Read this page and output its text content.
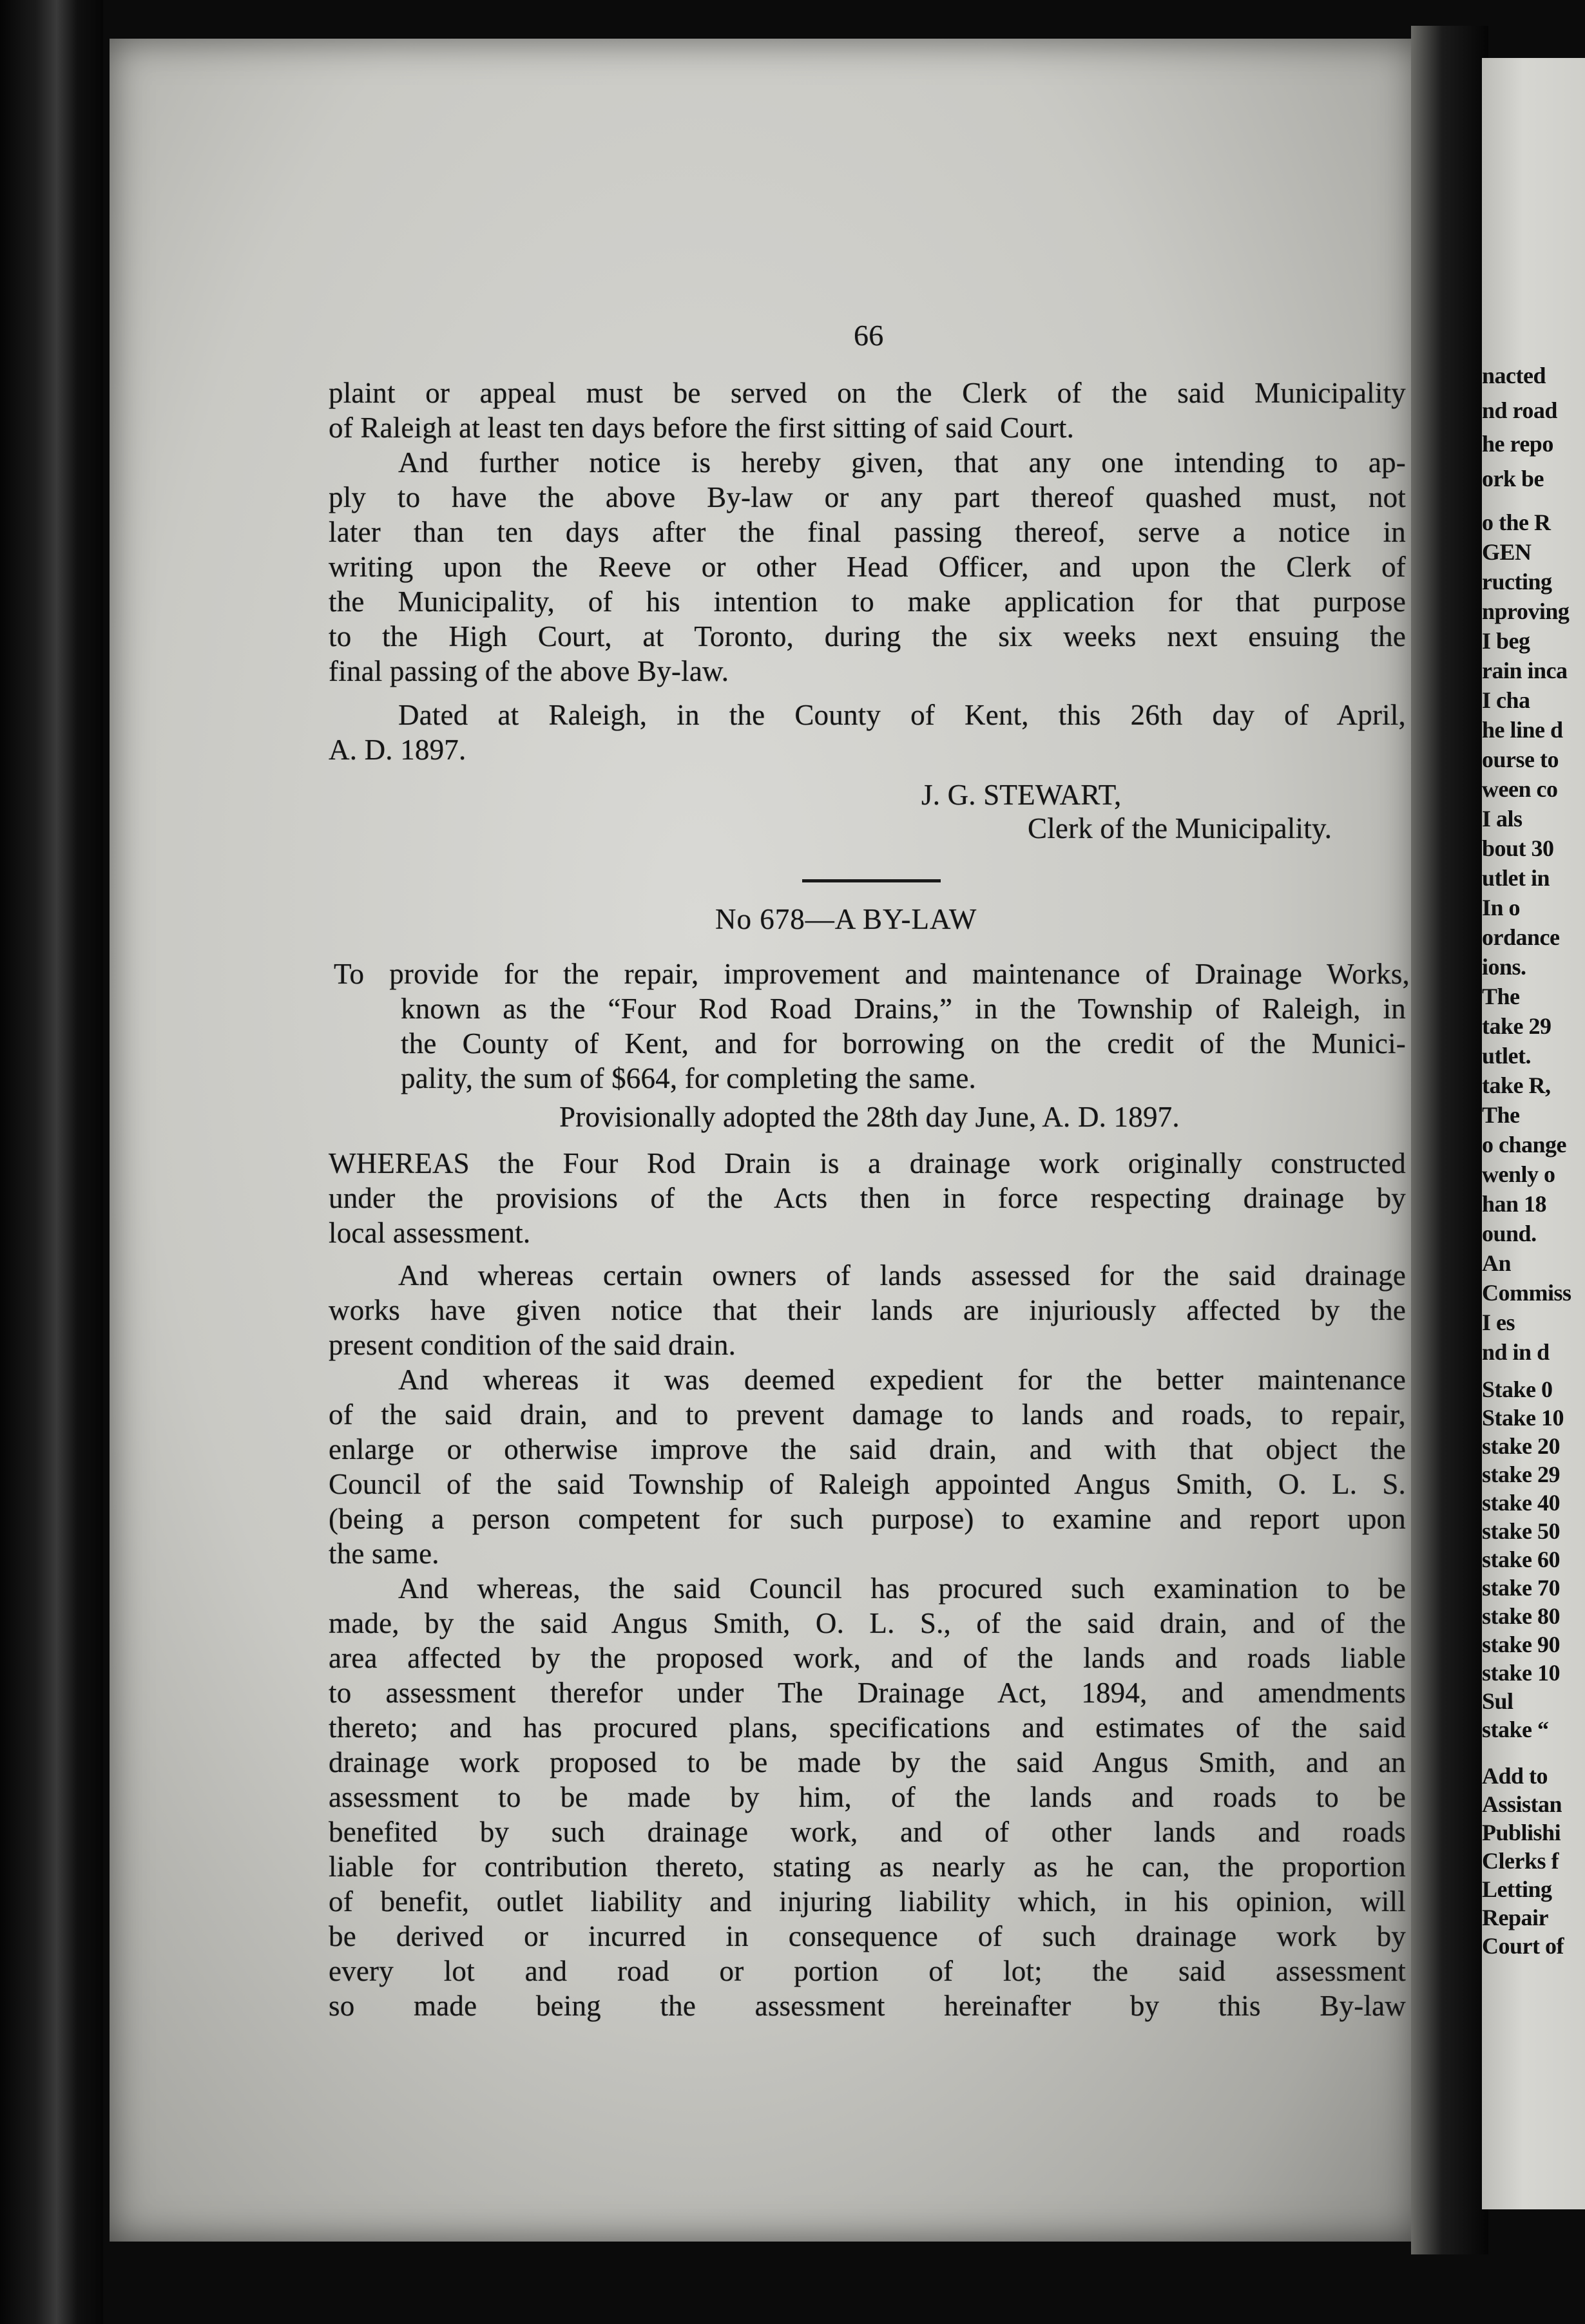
66
plaint or appeal must be served on the Clerk of the said Municipality
of Raleigh at least ten days before the first sitting of said Court.
And further notice is hereby given, that any one intending to ap-
ply to have the above By-law or any part thereof quashed must, not
later than ten days after the final passing thereof, serve a notice in
writing upon the Reeve or other Head Officer, and upon the Clerk of
the Municipality, of his intention to make application for that purpose
to the High Court, at Toronto, during the six weeks next ensuing the
final passing of the above By-law.
Dated at Raleigh, in the County of Kent, this 26th day of April,
A. D. 1897.
J. G. STEWART,
Clerk of the Municipality.
No 678—A BY-LAW
To provide for the repair, improvement and maintenance of Drainage Works,
known as the “Four Rod Road Drains,” in the Township of Raleigh, in
the County of Kent, and for borrowing on the credit of the Munici-
pality, the sum of $664, for completing the same.
Provisionally adopted the 28th day June, A. D. 1897.
WHEREAS the Four Rod Drain is a drainage work originally constructed
under the provisions of the Acts then in force respecting drainage by
local assessment.
And whereas certain owners of lands assessed for the said drainage
works have given notice that their lands are injuriously affected by the
present condition of the said drain.
And whereas it was deemed expedient for the better maintenance
of the said drain, and to prevent damage to lands and roads, to repair,
enlarge or otherwise improve the said drain, and with that object the
Council of the said Township of Raleigh appointed Angus Smith, O. L. S.
(being a person competent for such purpose) to examine and report upon
the same.
And whereas, the said Council has procured such examination to be
made, by the said Angus Smith, O. L. S., of the said drain, and of the
area affected by the proposed work, and of the lands and roads liable
to assessment therefor under The Drainage Act, 1894, and amendments
thereto; and has procured plans, specifications and estimates of the said
drainage work proposed to be made by the said Angus Smith, and an
assessment to be made by him, of the lands and roads to be
benefited by such drainage work, and of other lands and roads
liable for contribution thereto, stating as nearly as he can, the proportion
of benefit, outlet liability and injuring liability which, in his opinion, will
be derived or incurred in consequence of such drainage work by
every lot and road or portion of lot; the said assessment
so made being the assessment hereinafter by this By-law
nacted
nd road
he repo
ork be
o the R
GEN
ructing
nproving
I beg
rain inca
I cha
he line d
ourse to
ween co
I als
bout 30
utlet in
In o
ordance
ions.
The
take 29
utlet.
take R,
The
o change
wenly o
han 18
ound.
An
Commiss
I es
nd in d
Stake 0
Stake 10
stake 20
stake 29
stake 40
stake 50
stake 60
stake 70
stake 80
stake 90
stake 10
Sul
stake “
Add to
Assistan
Publishi
Clerks f
Letting
Repair
Court of
